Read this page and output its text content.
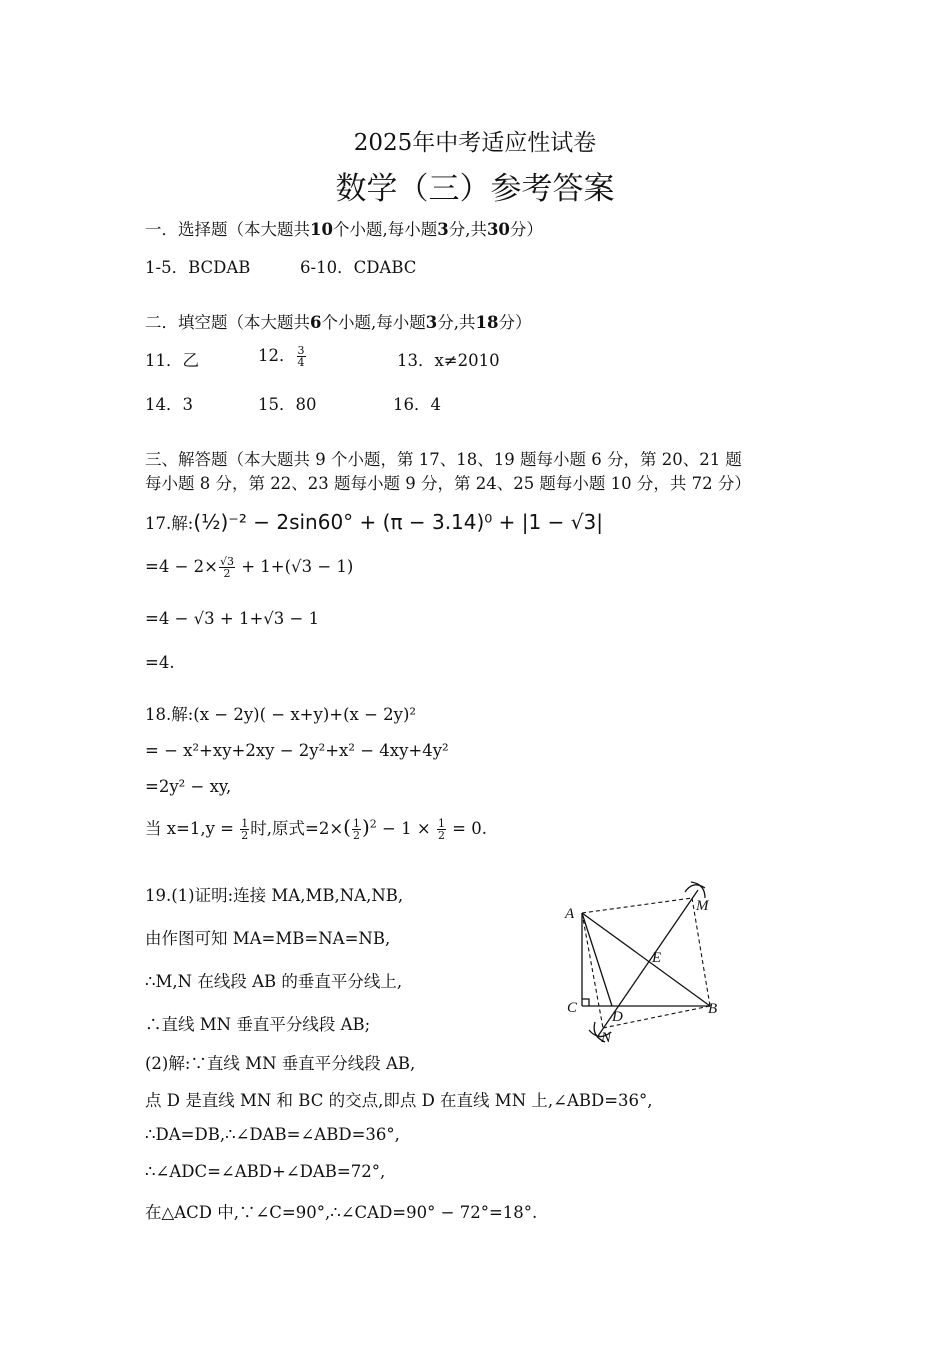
2025年中考适应性试卷
数学（三）参考答案
一．选择题（本大题共10个小题,每小题3分,共30分）
1-5．BCDAB	6-10．CDABC
二．填空题（本大题共6个小题,每小题3分,共18分）
11．乙	12． $\frac{3}{4}$	13．x≠2010
14．3	15．80	16．4
三、解答题（本大题共 9 个小题，第 17、18、19 题每小题 6 分，第 20、21 题
每小题 8 分，第 22、23 题每小题 9 分，第 24、25 题每小题 10 分，共 72 分）
17.解:(½)⁻² − 2sin60° + (π − 3.14)⁰ + |1 − √3|
$=4 - 2\times \frac{√3}{2} + 1+(√3 - 1)$
=4 − √3 + 1+√3 − 1
=4.
18.解:(x − 2y)( − x+y)+(x − 2y)²
= − x²+xy+2xy − 2y²+x² − 4xy+4y²
=2y² − xy,
当 $x=1,y = \frac{1}{2}$ 时,原式$=2\times( \frac{1}{2} )^2 - 1 \times \frac{1}{2} = 0$.
19.(1)证明:连接 MA,MB,NA,NB,
由作图可知 MA=MB=NA=NB,
∴M,N 在线段 AB 的垂直平分线上,
∴直线 MN 垂直平分线段 AB;
(2)解:∵直线 MN 垂直平分线段 AB,
点 D 是直线 MN 和 BC 的交点,即点 D 在直线 MN 上,∠ABD=36°,
∴DA=DB,∴∠DAB=∠ABD=36°,
∴∠ADC=∠ABD+∠DAB=72°,
在△ACD 中,∵∠C=90°,∴∠CAD=90° − 72°=18°.
A	M
E
C
D	B
N
